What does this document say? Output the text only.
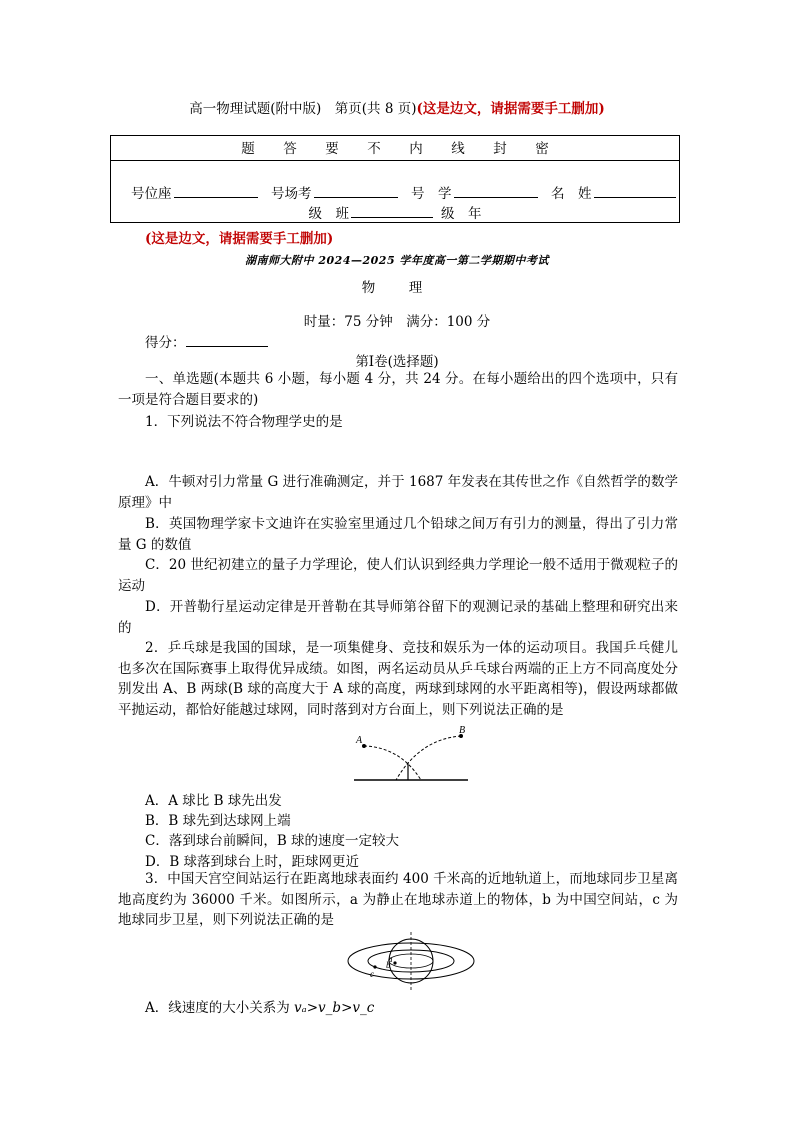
高一物理试题(附中版)　第页(共 8 页)(这是边文，请据需要手工删加)
题 答 要 不 内 线 封 密
号位座	号场考	号　学	名　姓
级　班	级　年
(这是边文，请据需要手工删加)
湖南师大附中 2024—2025 学年度高一第二学期期中考试
物　理
时量：75 分钟　满分：100 分
得分：
第Ⅰ卷(选择题)
一、单选题(本题共 6 小题，每小题 4 分，共 24 分。在每小题给出的四个选项中，只有一项是符合题目要求的)
1．下列说法不符合物理学史的是
A．牛顿对引力常量 G 进行准确测定，并于 1687 年发表在其传世之作《自然哲学的数学原理》中
B．英国物理学家卡文迪许在实验室里通过几个铅球之间万有引力的测量，得出了引力常量 G 的数值
C．20 世纪初建立的量子力学理论，使人们认识到经典力学理论一般不适用于微观粒子的运动
D．开普勒行星运动定律是开普勒在其导师第谷留下的观测记录的基础上整理和研究出来的
2．乒乓球是我国的国球，是一项集健身、竞技和娱乐为一体的运动项目。我国乒乓健儿也多次在国际赛事上取得优异成绩。如图，两名运动员从乒乓球台两端的正上方不同高度处分别发出 A、B 两球(B 球的高度大于 A 球的高度，两球到球网的水平距离相等)，假设两球都做平抛运动，都恰好能越过球网，同时落到对方台面上，则下列说法正确的是
A
B
A．A 球比 B 球先出发
B．B 球先到达球网上端
C．落到球台前瞬间，B 球的速度一定较大
D．B 球落到球台上时，距球网更近
3．中国天宫空间站运行在距离地球表面约 400 千米高的近地轨道上，而地球同步卫星离地高度约为 36000 千米。如图所示，a 为静止在地球赤道上的物体，b 为中国空间站，c 为地球同步卫星，则下列说法正确的是
a
b
c
A．线速度的大小关系为 vₐ>v_b>v_c
